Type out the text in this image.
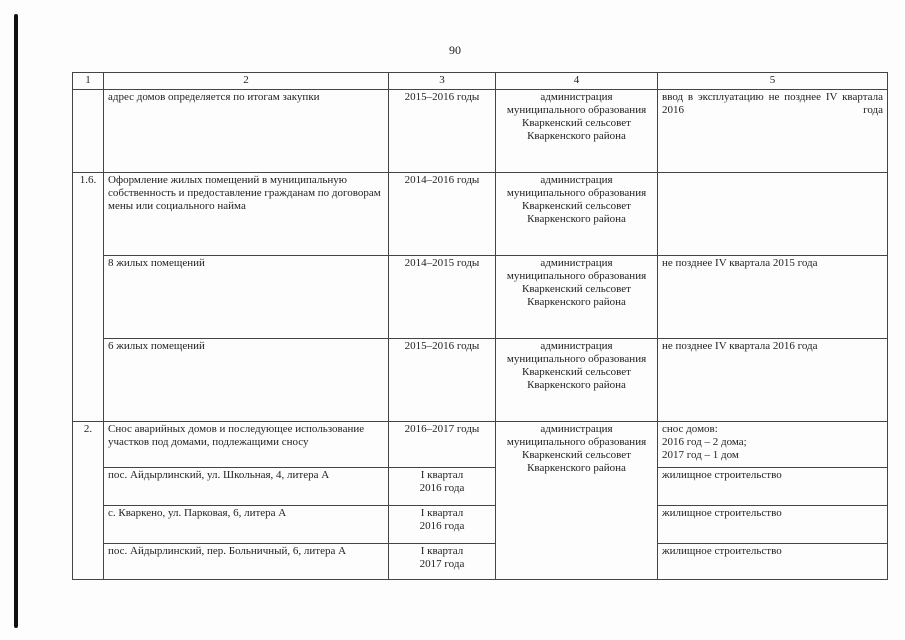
90
1	2	3	4	5
	адрес домов определяется по итогам закупки	2015–2016 годы	администрация муниципального образования Кваркенский сельсовет Кваркенского района	ввод в эксплуатацию не позднее IV квартала 2016 года
1.6.	Оформление жилых помещений в муниципальную собственность и предоставление гражданам по договорам мены или социального найма	2014–2016 годы	администрация муниципального образования Кваркенский сельсовет Кваркенского района	
	8 жилых помещений	2014–2015 годы	администрация муниципального образования Кваркенский сельсовет Кваркенского района	не позднее IV квартала 2015 года
	6 жилых помещений	2015–2016 годы	администрация муниципального образования Кваркенский сельсовет Кваркенского района	не позднее IV квартала 2016 года
2.	Снос аварийных домов и последующее использование участков под домами, подлежащими сносу	2016–2017 годы	администрация муниципального образования Кваркенский сельсовет Кваркенского района	снос домов:
2016 год – 2 дома;
2017 год – 1 дом

	пос. Айдырлинский, ул. Школьная, 4, литера А	I квартал
2016 года		жилищное строительство
	с. Кваркено, ул. Парковая, 6, литера А	I квартал
2016 года		жилищное строительство
	пос. Айдырлинский, пер. Больничный, 6, литера А	I квартал
2017 года		жилищное строительство
